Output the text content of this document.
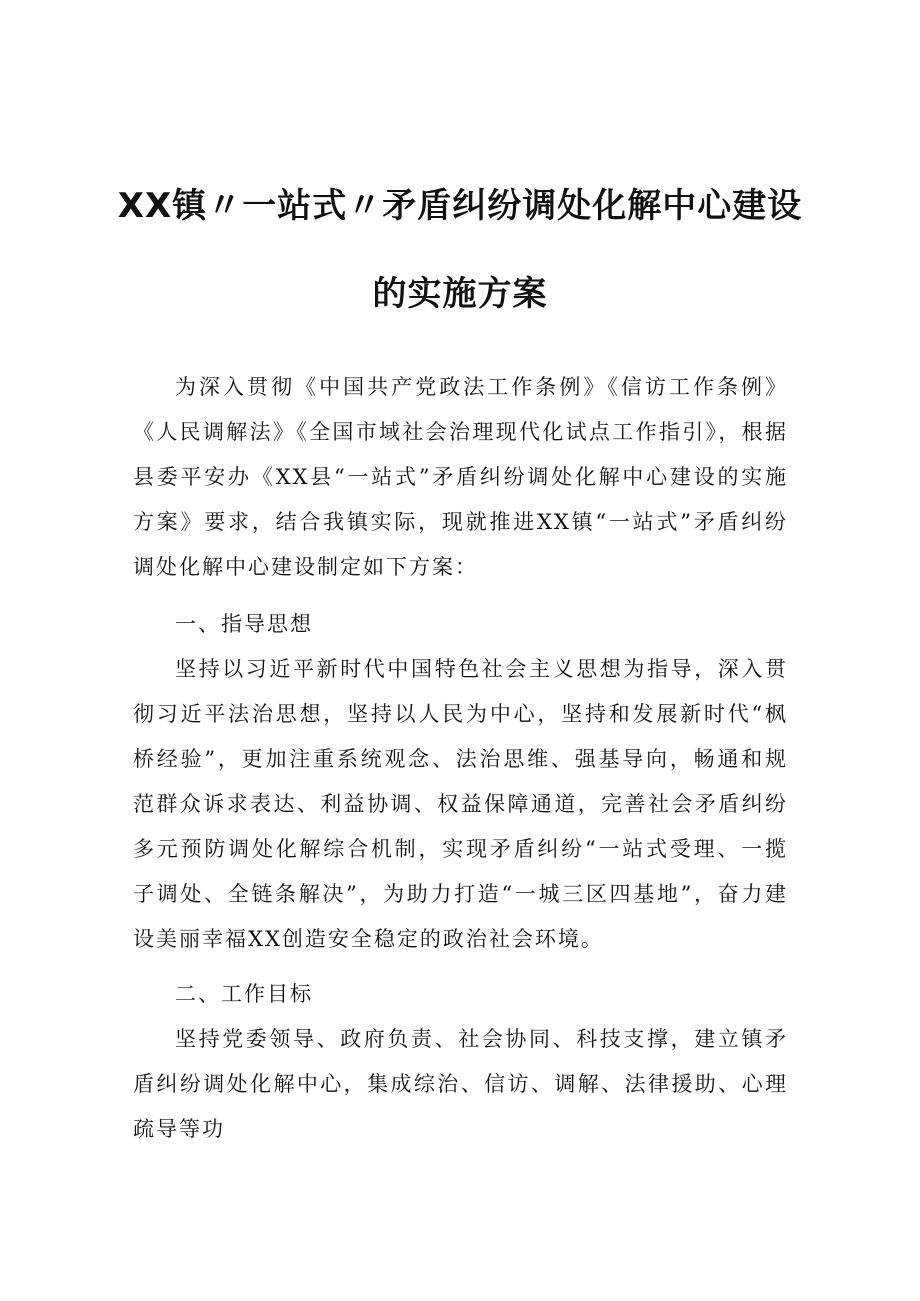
XX镇〃一站式〃矛盾纠纷调处化解中心建设
的实施方案
为深入贯彻《中国共产党政法工作条例》《信访工作条例》《人民调解法》《全国市域社会治理现代化试点工作指引》，根据县委平安办《XX县“一站式”矛盾纠纷调处化解中心建设的实施方案》要求，结合我镇实际，现就推进XX镇“一站式”矛盾纠纷调处化解中心建设制定如下方案：
一、指导思想
坚持以习近平新时代中国特色社会主义思想为指导，深入贯彻习近平法治思想，坚持以人民为中心，坚持和发展新时代“枫桥经验”，更加注重系统观念、法治思维、强基导向，畅通和规范群众诉求表达、利益协调、权益保障通道，完善社会矛盾纠纷多元预防调处化解综合机制，实现矛盾纠纷“一站式受理、一揽子调处、全链条解决”，为助力打造“一城三区四基地”，奋力建设美丽幸福XX创造安全稳定的政治社会环境。
二、工作目标
坚持党委领导、政府负责、社会协同、科技支撑，建立镇矛盾纠纷调处化解中心，集成综治、信访、调解、法律援助、心理疏导等功
